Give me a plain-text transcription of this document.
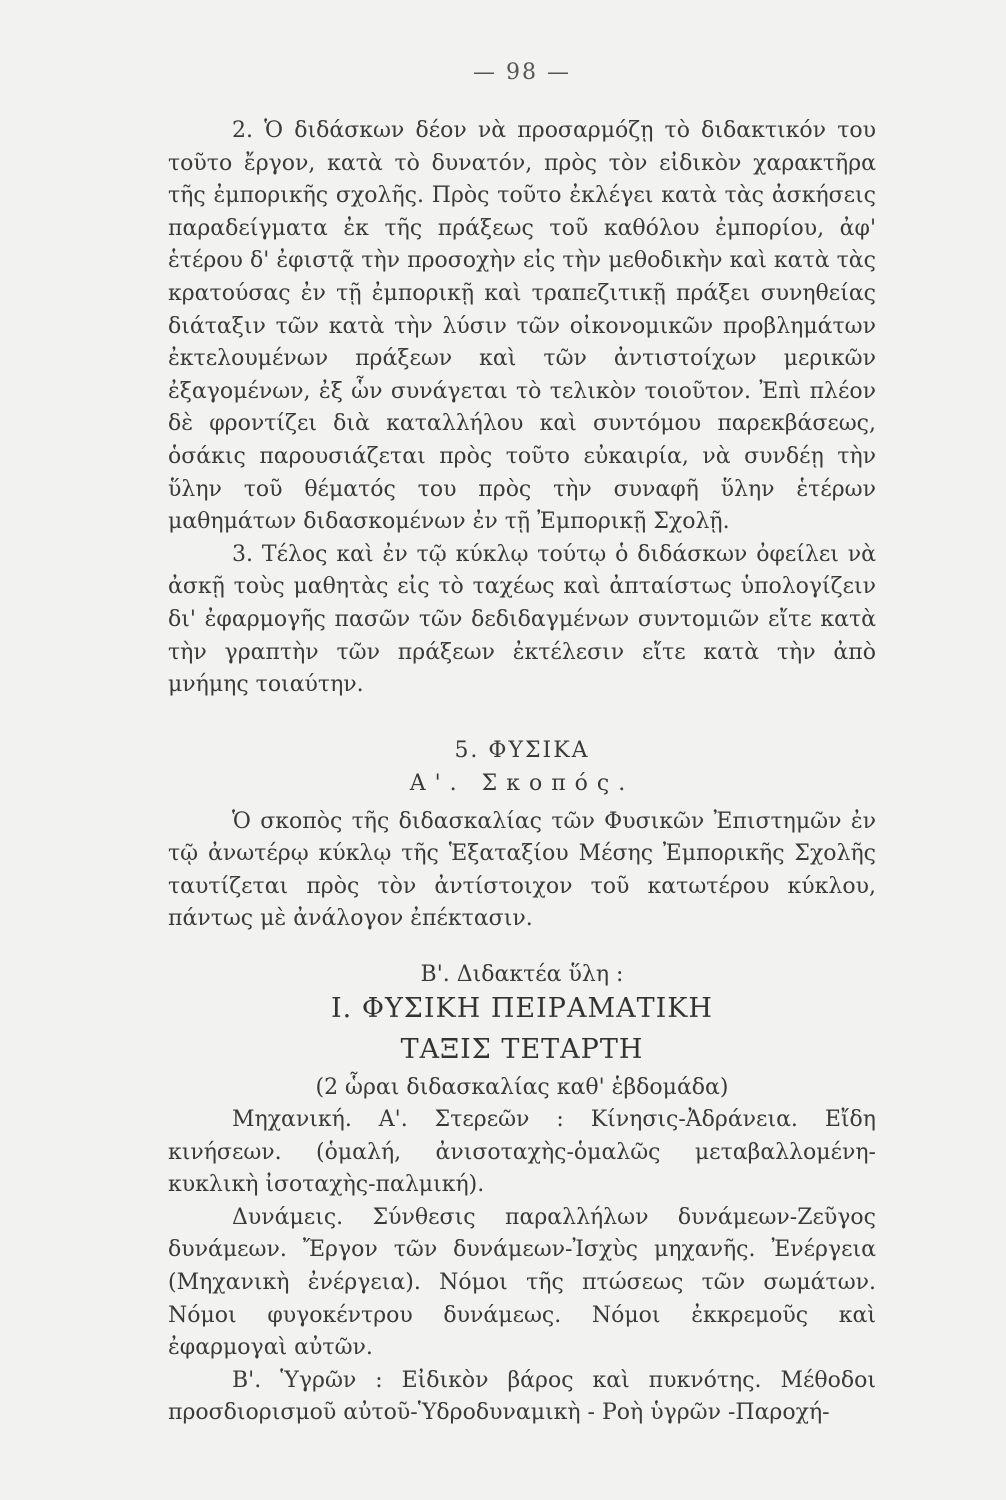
— 98 —

2. Ὁ διδάσκων δέον νὰ προσαρμόζῃ τὸ διδακτικόν του τοῦτο ἔργον, κατὰ τὸ δυνατόν, πρὸς τὸν εἰδικὸν χαρακτῆρα τῆς ἐμπορικῆς σχολῆς. Πρὸς τοῦτο ἐκλέγει κατὰ τὰς ἀσκήσεις παραδείγματα ἐκ τῆς πράξεως τοῦ καθόλου ἐμπορίου, ἀφ' ἑτέρου δ' ἐφιστᾷ τὴν προσοχὴν εἰς τὴν μεθοδικὴν καὶ κατὰ τὰς κρατούσας ἐν τῇ ἐμπορικῇ καὶ τραπεζιτικῇ πράξει συνηθείας διάταξιν τῶν κατὰ τὴν λύσιν τῶν οἰκονομικῶν προβλημάτων ἐκτελουμένων πράξεων καὶ τῶν ἀντιστοίχων μερικῶν ἐξαγομένων, ἐξ ὧν συνάγεται τὸ τελικὸν τοιοῦτον. Ἐπὶ πλέον δὲ φροντίζει διὰ καταλλήλου καὶ συντόμου παρεκβάσεως, ὁσάκις παρουσιάζεται πρὸς τοῦτο εὐκαιρία, νὰ συνδέῃ τὴν ὕλην τοῦ θέματός του πρὸς τὴν συναφῆ ὕλην ἑτέρων μαθημάτων διδασκομένων ἐν τῇ Ἐμπορικῇ Σχολῇ.

3. Τέλος καὶ ἐν τῷ κύκλῳ τούτῳ ὁ διδάσκων ὀφείλει νὰ ἀσκῇ τοὺς μαθητὰς εἰς τὸ ταχέως καὶ ἀπταίστως ὑπολογίζειν δι' ἐφαρμογῆς πασῶν τῶν δεδιδαγμένων συντομιῶν εἴτε κατὰ τὴν γραπτὴν τῶν πράξεων ἐκτέλεσιν εἴτε κατὰ τὴν ἀπὸ μνήμης τοιαύτην.

5. ΦΥΣΙΚΑ
Α'. Σκοπός.

Ὁ σκοπὸς τῆς διδασκαλίας τῶν Φυσικῶν Ἐπιστημῶν ἐν τῷ ἀνωτέρῳ κύκλῳ τῆς Ἑξαταξίου Μέσης Ἐμπορικῆς Σχολῆς ταυτίζεται πρὸς τὸν ἀντίστοιχον τοῦ κατωτέρου κύκλου, πάντως μὲ ἀνάλογον ἐπέκτασιν.

Β'. Διδακτέα ὕλη :
Ι. ΦΥΣΙΚΗ ΠΕΙΡΑΜΑΤΙΚΗ
ΤΑΞΙΣ ΤΕΤΑΡΤΗ
(2 ὧραι διδασκαλίας καθ' ἑβδομάδα)

Μηχανική. Α'. Στερεῶν : Κίνησις-Ἀδράνεια. Εἴδη κινήσεων. (ὁμαλή, ἀνισοταχὴς-ὁμαλῶς μεταβαλλομένη- κυκλικὴ ἰσοταχὴς-παλμική).

Δυνάμεις. Σύνθεσις παραλλήλων δυνάμεων-Ζεῦγος δυνάμεων. Ἔργον τῶν δυνάμεων-Ἰσχὺς μηχανῆς. Ἐνέργεια (Μηχανικὴ ἐνέργεια). Νόμοι τῆς πτώσεως τῶν σωμάτων. Νόμοι φυγοκέντρου δυνάμεως. Νόμοι ἐκκρεμοῦς καὶ ἐφαρμογαὶ αὐτῶν.

Β'. Ὑγρῶν : Εἰδικὸν βάρος καὶ πυκνότης. Μέθοδοι προσδιορισμοῦ αὐτοῦ-Ὑδροδυναμικὴ - Ροὴ ὑγρῶν -Παροχή-
